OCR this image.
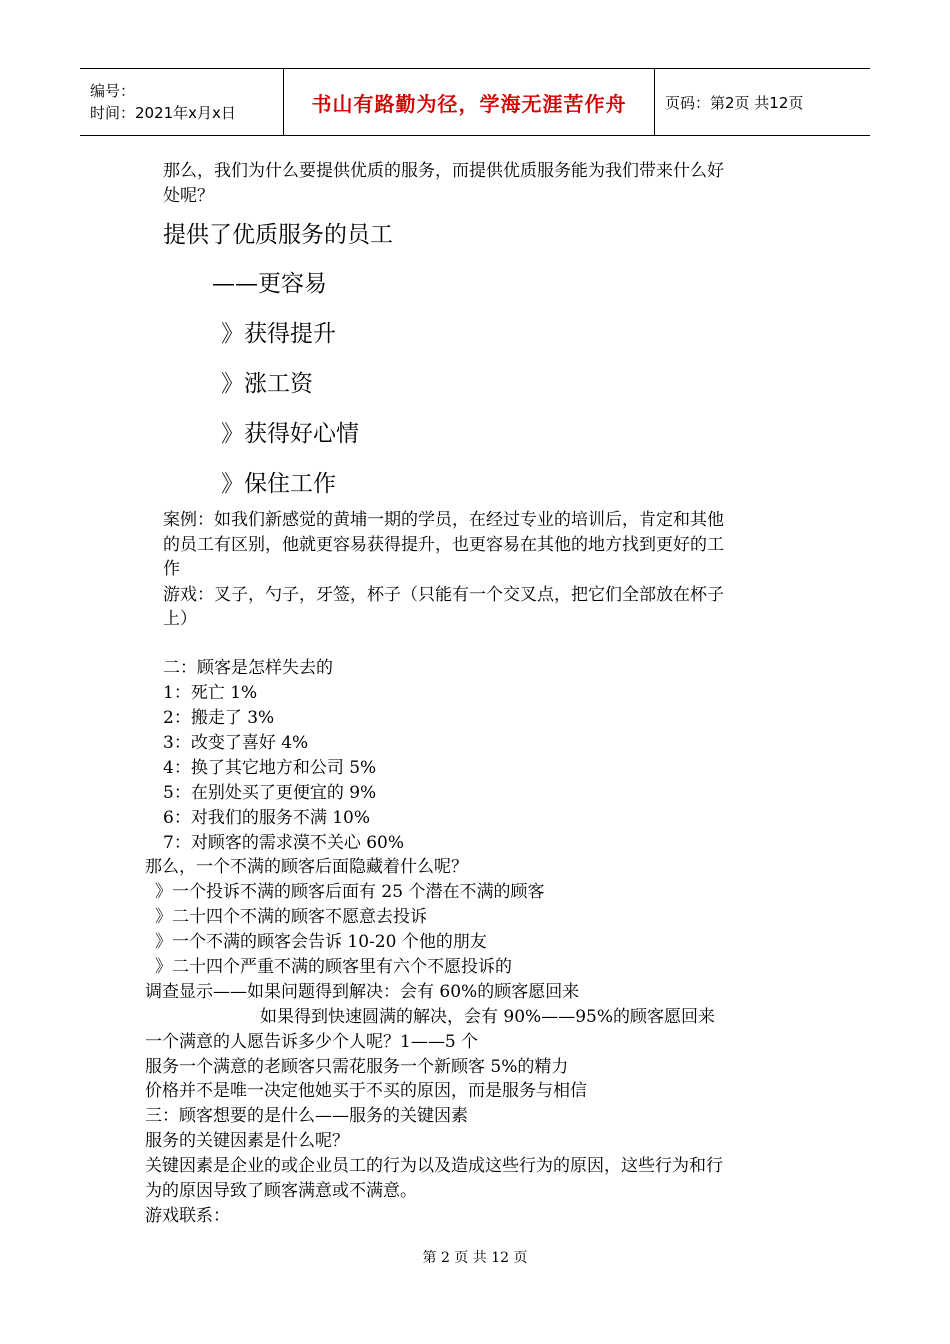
编号：
时间：2021年x月x日	书山有路勤为径，学海无涯苦作舟	页码：第2页 共12页
那么，我们为什么要提供优质的服务，而提供优质服务能为我们带来什么好
处呢？
提供了优质服务的员工
——更容易
》获得提升
》涨工资
》获得好心情
》保住工作
案例：如我们新感觉的黄埔一期的学员，在经过专业的培训后，肯定和其他
的员工有区别，他就更容易获得提升，也更容易在其他的地方找到更好的工
作
游戏：叉子，勺子，牙签，杯子（只能有一个交叉点，把它们全部放在杯子
上）
二：顾客是怎样失去的
1：死亡 1%
2：搬走了 3%
3：改变了喜好 4%
4：换了其它地方和公司 5%
5：在别处买了更便宜的 9%
6：对我们的服务不满 10%
7：对顾客的需求漠不关心 60%
那么，一个不满的顾客后面隐藏着什么呢？
》一个投诉不满的顾客后面有 25 个潜在不满的顾客
》二十四个不满的顾客不愿意去投诉
》一个不满的顾客会告诉 10-20 个他的朋友
》二十四个严重不满的顾客里有六个不愿投诉的
调查显示——如果问题得到解决：会有 60%的顾客愿回来
如果得到快速圆满的解决，会有 90%——95%的顾客愿回来
一个满意的人愿告诉多少个人呢？1——5 个
服务一个满意的老顾客只需花服务一个新顾客 5%的精力
价格并不是唯一决定他她买于不买的原因，而是服务与相信
三：顾客想要的是什么——服务的关键因素
服务的关键因素是什么呢？
关键因素是企业的或企业员工的行为以及造成这些行为的原因，这些行为和行
为的原因导致了顾客满意或不满意。
游戏联系：
第 2 页 共 12 页
